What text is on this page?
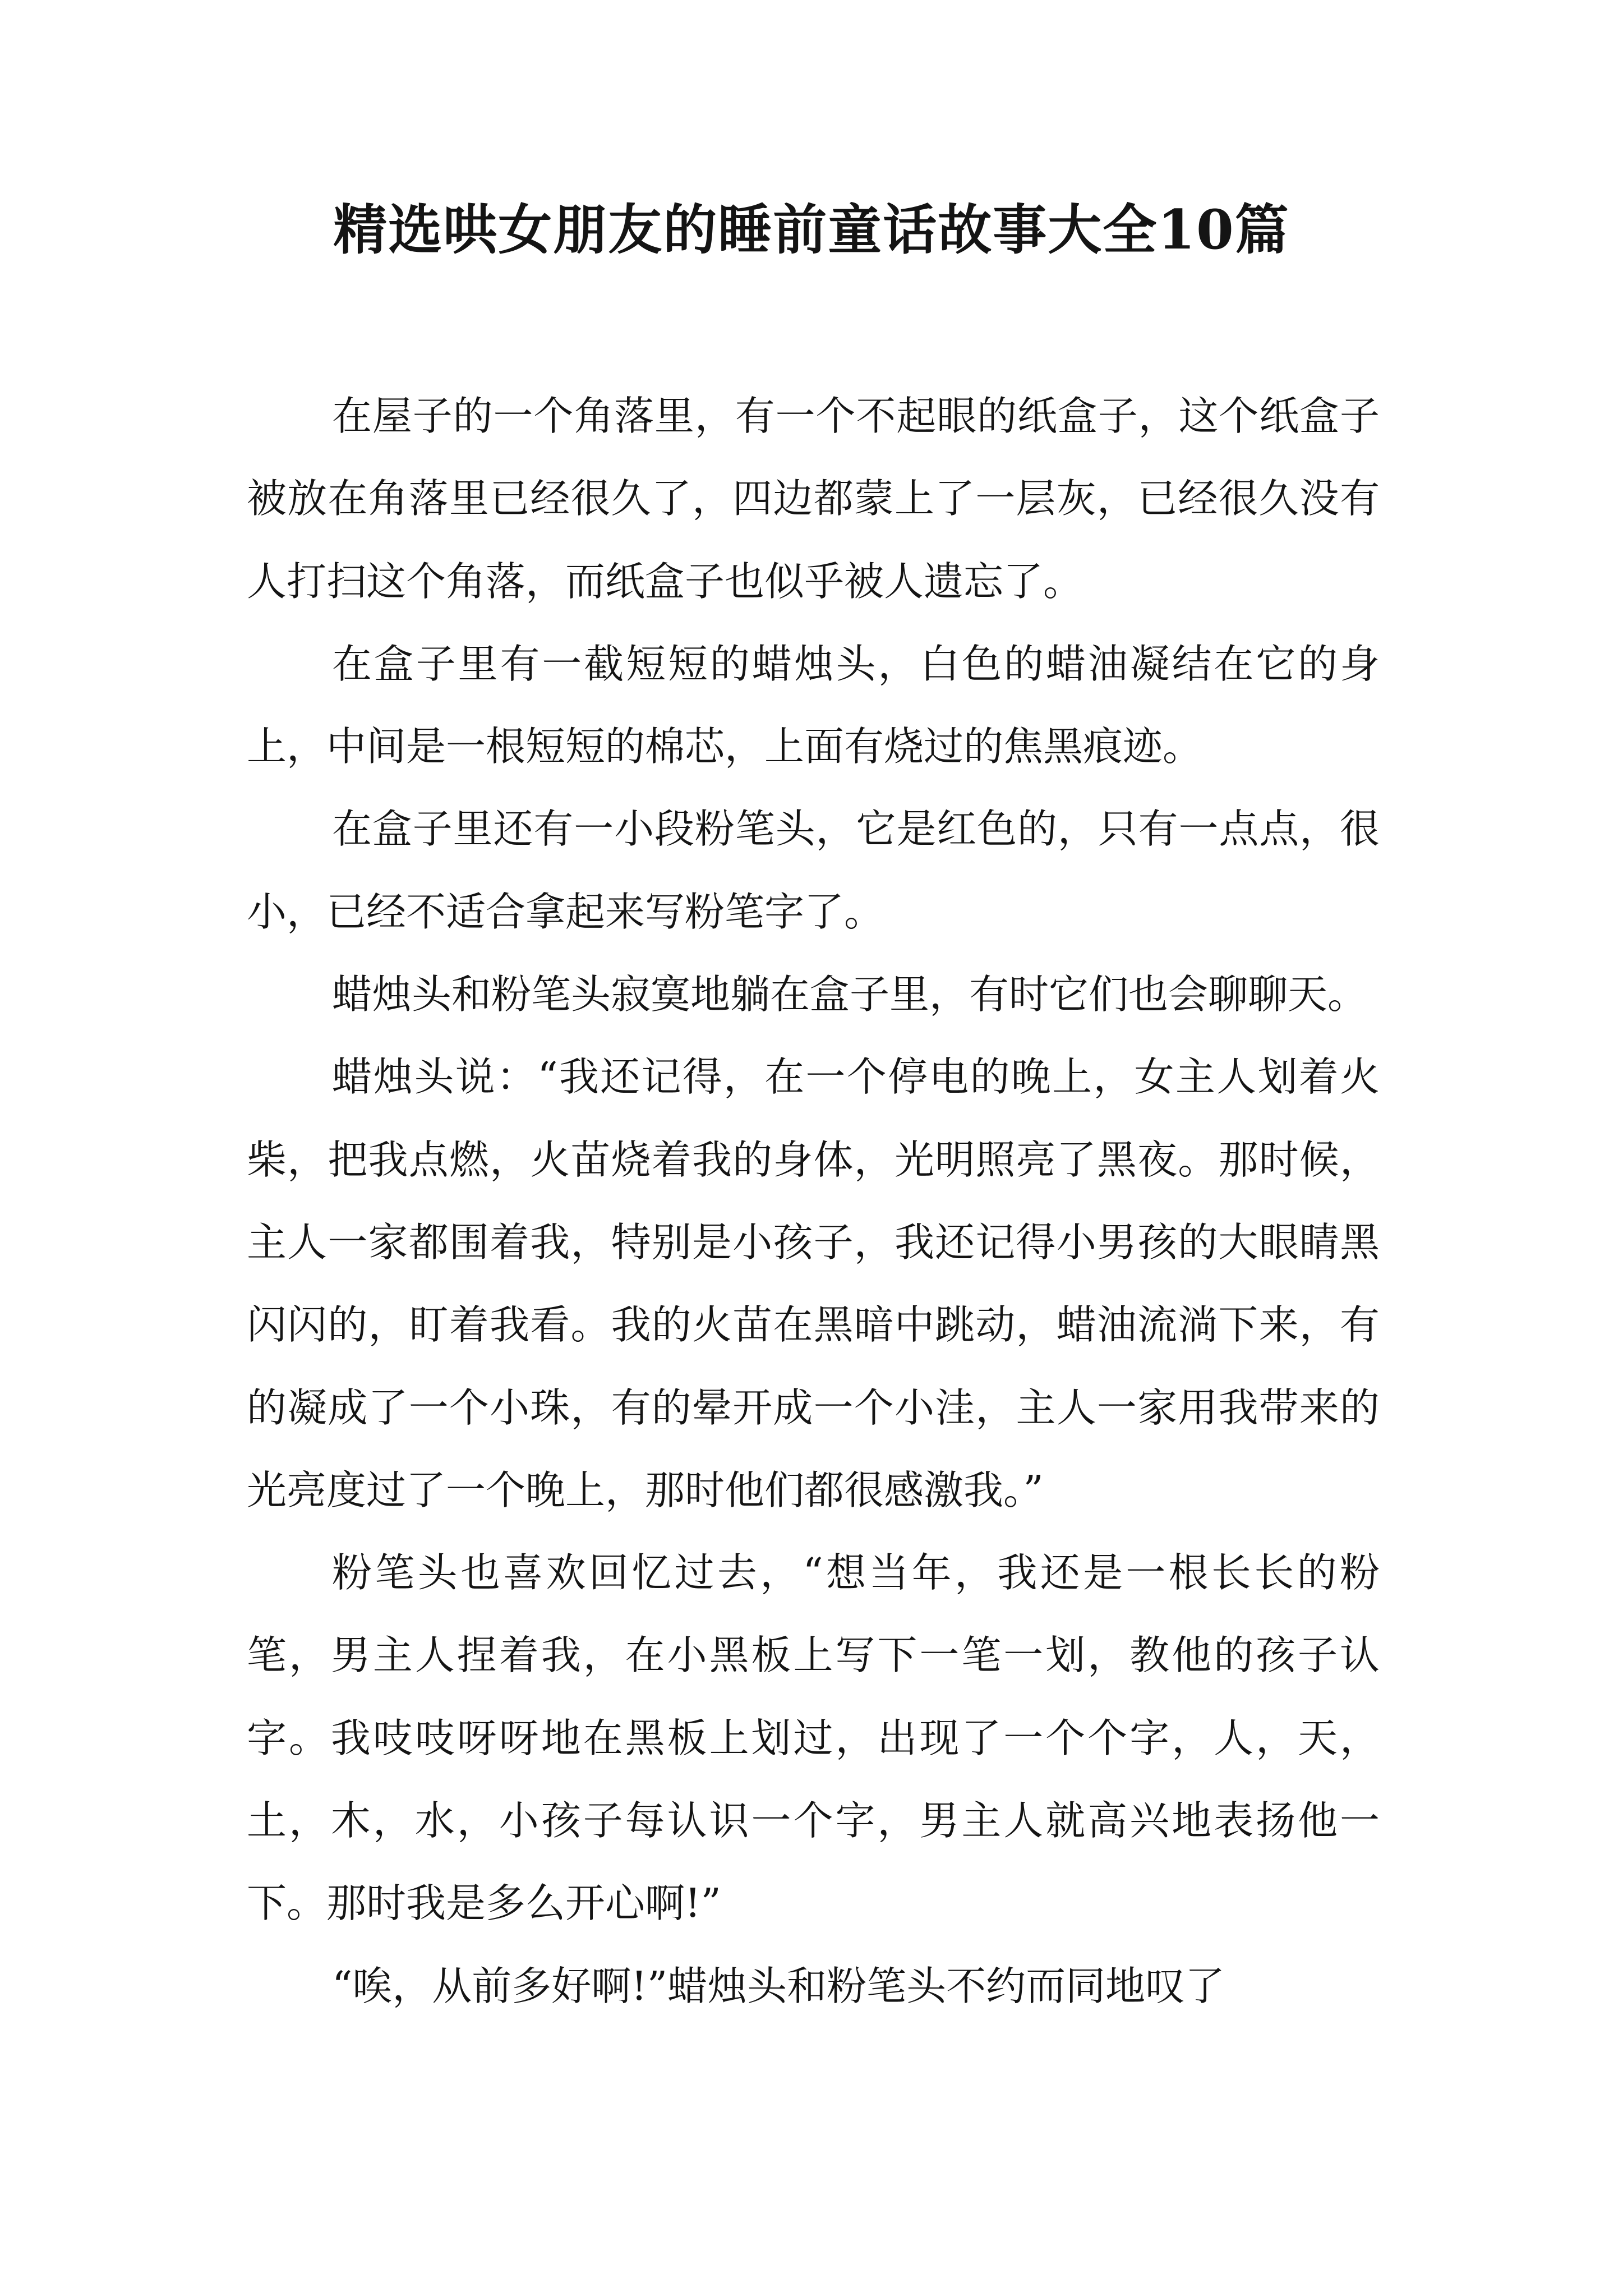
精选哄女朋友的睡前童话故事大全10篇

在屋子的一个角落里，有一个不起眼的纸盒子，这个纸盒子被放在角落里已经很久了，四边都蒙上了一层灰，已经很久没有人打扫这个角落，而纸盒子也似乎被人遗忘了。

在盒子里有一截短短的蜡烛头，白色的蜡油凝结在它的身上，中间是一根短短的棉芯，上面有烧过的焦黑痕迹。

在盒子里还有一小段粉笔头，它是红色的，只有一点点，很小，已经不适合拿起来写粉笔字了。

蜡烛头和粉笔头寂寞地躺在盒子里，有时它们也会聊聊天。

蜡烛头说：“我还记得，在一个停电的晚上，女主人划着火柴，把我点燃，火苗烧着我的身体，光明照亮了黑夜。那时候，主人一家都围着我，特别是小孩子，我还记得小男孩的大眼睛黑闪闪的，盯着我看。我的火苗在黑暗中跳动，蜡油流淌下来，有的凝成了一个小珠，有的晕开成一个小洼，主人一家用我带来的光亮度过了一个晚上，那时他们都很感激我。”

粉笔头也喜欢回忆过去，“想当年，我还是一根长长的粉笔，男主人捏着我，在小黑板上写下一笔一划，教他的孩子认字。我吱吱呀呀地在黑板上划过，出现了一个个字，人，天，土，木，水，小孩子每认识一个字，男主人就高兴地表扬他一下。那时我是多么开心啊!”

“唉，从前多好啊!”蜡烛头和粉笔头不约而同地叹了
